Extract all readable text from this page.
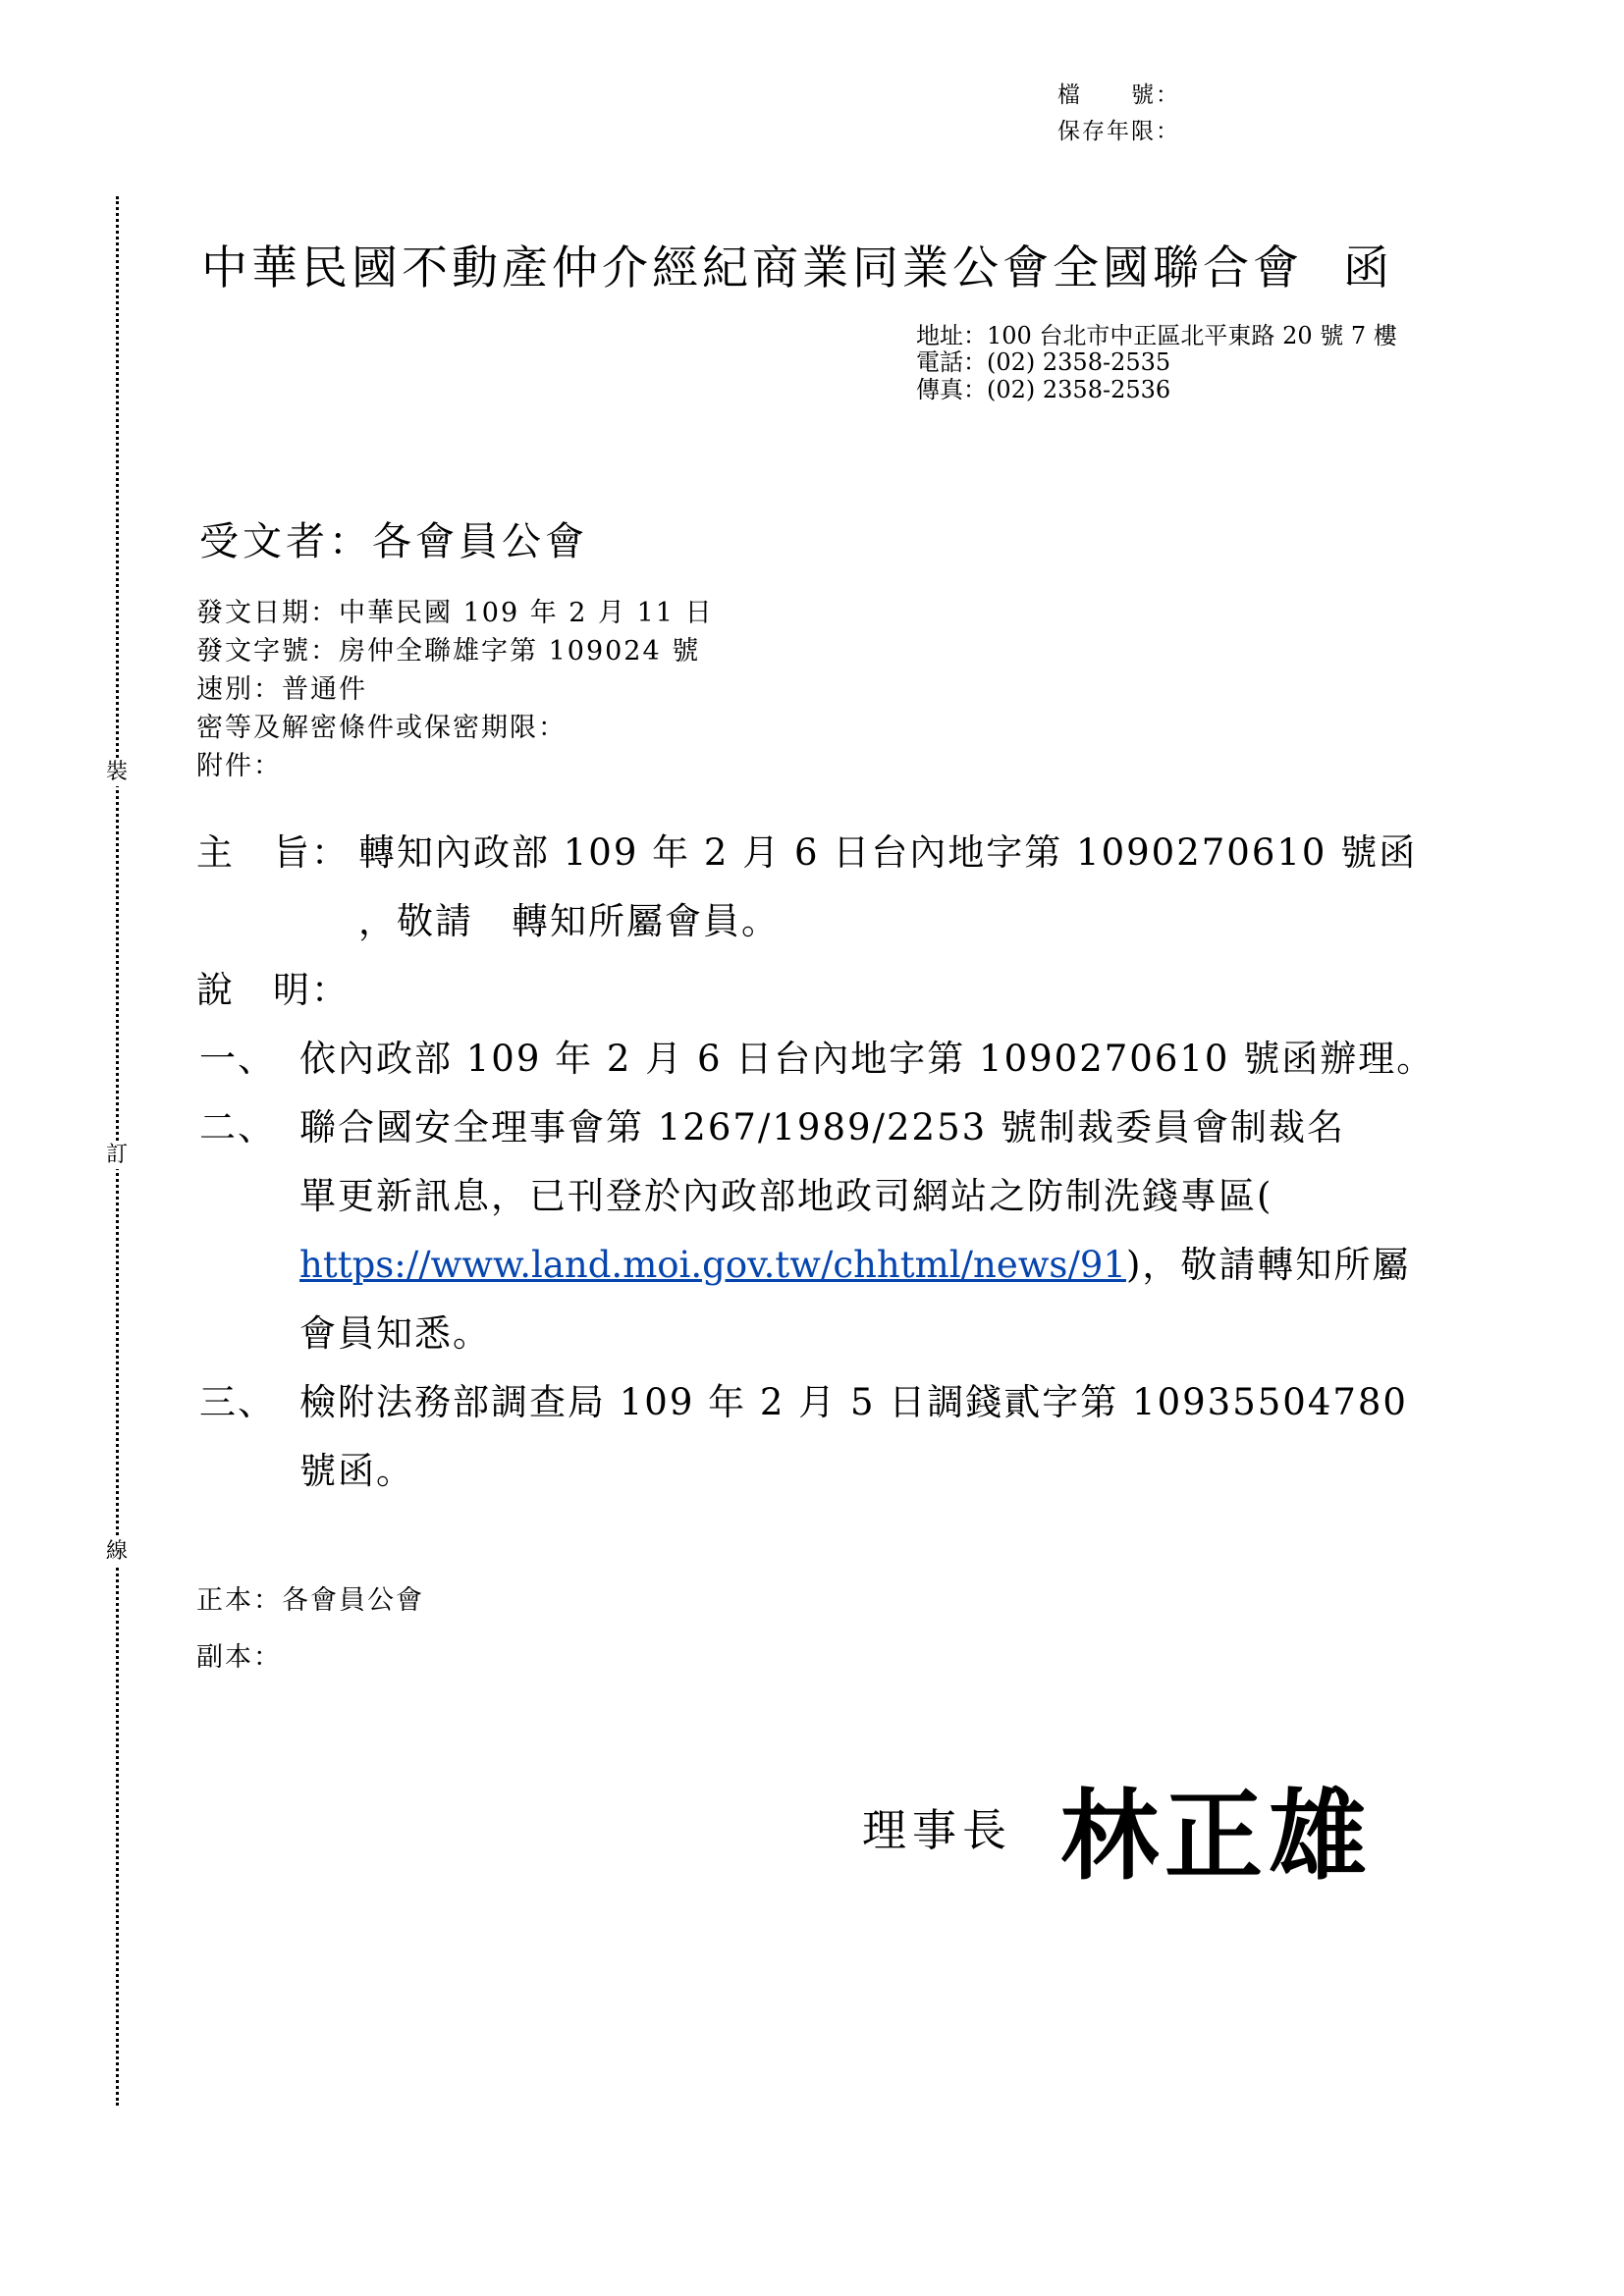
裝
訂
線
檔　　號：
保存年限：
中華民國不動產仲介經紀商業同業公會全國聯合會 函
地址：100 台北市中正區北平東路 20 號 7 樓
電話：(02) 2358-2535
傳真：(02) 2358-2536
受文者：各會員公會
發文日期：中華民國 109 年 2 月 11 日
發文字號：房仲全聯雄字第 109024 號
速別：普通件
密等及解密條件或保密期限：
附件：
主　旨： 轉知內政部 109 年 2 月 6 日台內地字第 1090270610 號函
，敬請　轉知所屬會員。
說　明：
一、 依內政部 109 年 2 月 6 日台內地字第 1090270610 號函辦理。
二、 聯合國安全理事會第 1267/1989/2253 號制裁委員會制裁名
單更新訊息，已刊登於內政部地政司網站之防制洗錢專區(
https://www.land.moi.gov.tw/chhtml/news/91)，敬請轉知所屬
會員知悉。
三、 檢附法務部調查局 109 年 2 月 5 日調錢貳字第 10935504780
號函。
正本：各會員公會
副本：
理事長 林正雄
